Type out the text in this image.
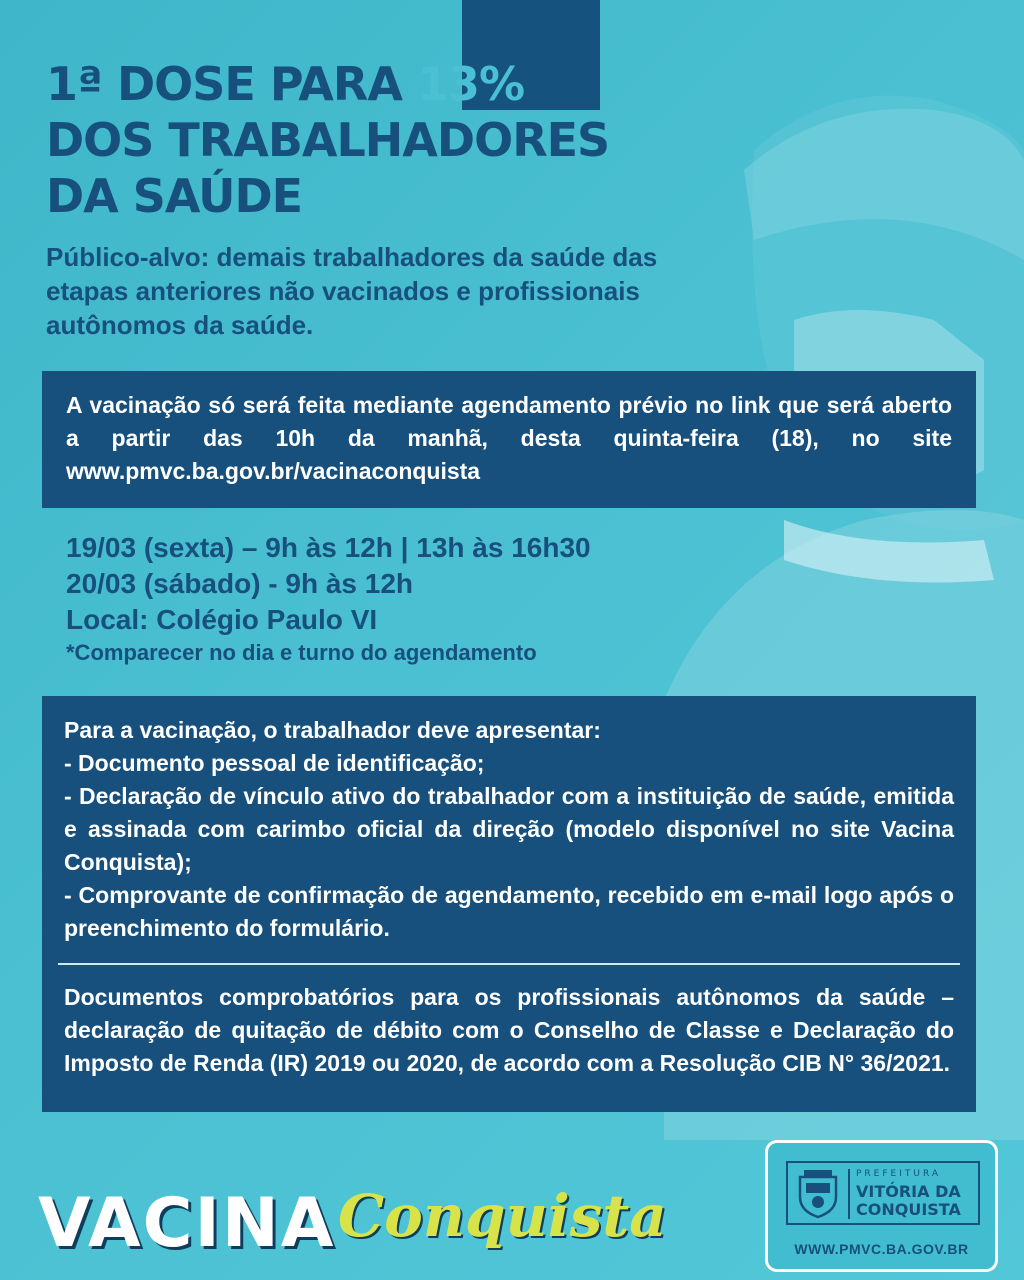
1ª DOSE PARA 13%
DOS TRABALHADORES
DA SAÚDE

Público-alvo: demais trabalhadores da saúde das etapas anteriores não vacinados e profissionais autônomos da saúde.

A vacinação só será feita mediante agendamento prévio no link que será aberto a partir das 10h da manhã, desta quinta-feira (18), no site www.pmvc.ba.gov.br/vacinaconquista

19/03 (sexta) – 9h às 12h | 13h às 16h30
20/03 (sábado) - 9h às 12h
Local: Colégio Paulo VI
*Comparecer no dia e turno do agendamento

Para a vacinação, o trabalhador deve apresentar:

- Documento pessoal de identificação;

- Declaração de vínculo ativo do trabalhador com a instituição de saúde, emitida e assinada com carimbo oficial da direção (modelo disponível no site Vacina Conquista);

- Comprovante de confirmação de agendamento, recebido em e-mail logo após o preenchimento do formulário.

Documentos comprobatórios para os profissionais autônomos da saúde – declaração de quitação de débito com o Conselho de Classe e Declaração do Imposto de Renda (IR) 2019 ou 2020, de acordo com a Resolução CIB N° 36/2021.

VACINA Conquista
PREFEITURA
VITÓRIA DA CONQUISTA
WWW.PMVC.BA.GOV.BR
